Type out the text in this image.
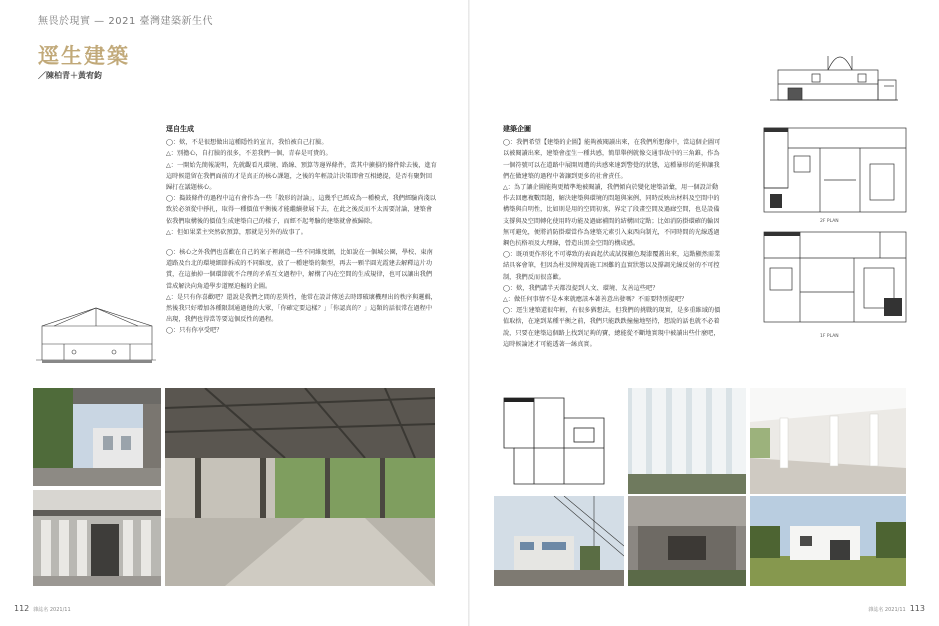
無畏於現實 — 2021 臺灣建築新生代
逕生建築
／陳柏青＋黃宥鈞

逕自生成

◯：欸，不是很想做出這種隱性的宣言，我怕被自己打臉。

△：別擔心，自打臉的很多，不差我們一個，青春是可貴的。

△：一開始先簡報説明，先就觀看凡環境、路線、預算等邊界條件，當其中擴損的條件除去後，進育這時候還留在我們面前的才是真正的核心課題，之後的年輕設計決策即會互相總提，是否有聚對回歸打在議題核心。

◯：搗鼓條件的過程中這有會作為一些「散形的討論」，這幾乎已經成為一種模式，我們經驗尚淺以致於必須從中掙扎，取得一種價值平衡後才能繼續發展下去，在此之後反而不太需要討論，建築會依我們取構後的價值生成建築自己的樣子，而經不起考驗的建築就會被歸除。

△：但如果業主突然砍預算，那就是另外的故事了。

◯：核心之外我們也喜歡在自己的案子裡創造一些不同維度網，比如說在一個城公園，學校、東南道路及台北的環境細節拆成的不同維度，放了一種建築的類型，再去一顆半圓光霞建去解釋這片功賞，在這抽掉一個環節就不合理的矛盾互文過程中，解構了內在空間的生成規律，也可以讓出我們當成解決向角道學步道壓迫樞的企圖。

△：是只有你喜歡吧？還說是我們之間的差異性，他常在設計傳送去時即破壞機理出的秩序與邏輯，然後我只好增加各種限制通過他的大眾，「你確定要這樣？」「你認真的？」這類的話很常在過程中出現，我們也得當等要這個反性的過程。

◯：只有你享受吧？

建築企圖

◯：我們希望【建築的企圖】能夠被閱讀出來，在我們所想像中，當這個企圖可以被閱讀出來，建築會產生一種共感，簡單舉例就像交通事故中的三角錐，作為一個符號可以在道路中展開周遭的共感來達到警覺的狀態，這種暴形的延伸讓我們在做建築的過程中著讓到更多的社會責任。

△：為了讓企圖能夠更精準地被閱讀，我們傾向於變化建築語彙，用一個設計動作去回應複數問題，解決建築與環境的問題與案例，同時反映出材料及空間中的構築與自明性，比如則是用的空間初衷，界定了段畫空間及過廊空間，也是設備支撐與及空間轉化使用時功能及過廊補間的結構固定點；比如消防掛環確的輪因無可避免，便將消防掛環當作為建築元素引入東西向制光，不同時間的光線透過鋼色抗格項及大理線，營造出黑金空間的構成感。

◯：既項更作形化不可導致的表面起伏或試探顯色現漆覆蓋出來，這點顯然需業結具客會筆，但因為柱及牌塊需施工困難的直實狀態以及撐調光線反射的不可控制，我們反而很喜歡。

◯：欸，我們講半天都沒提到人文、環境、友善這些吧？

△：做任何事情不是本來就應該本著善意出發嗎？不需要特別提吧？

◯：逕生建築還很年輕，有很多猶想法，但我們的挑戰的現實，是多重維域的價值取捨，在達到某種平衡之前，我們只能跌跌撞撞地堅持，想說的話也就不必着說，只要在建築這個路上找到足夠的寶，總能從不斷地實現中被讀出些什麼吧，這時候論述才可能透著一絲真實。

2F PLAN
1F PLAN
112 雜誌名 2021/11	雜誌名 2021/11 113
